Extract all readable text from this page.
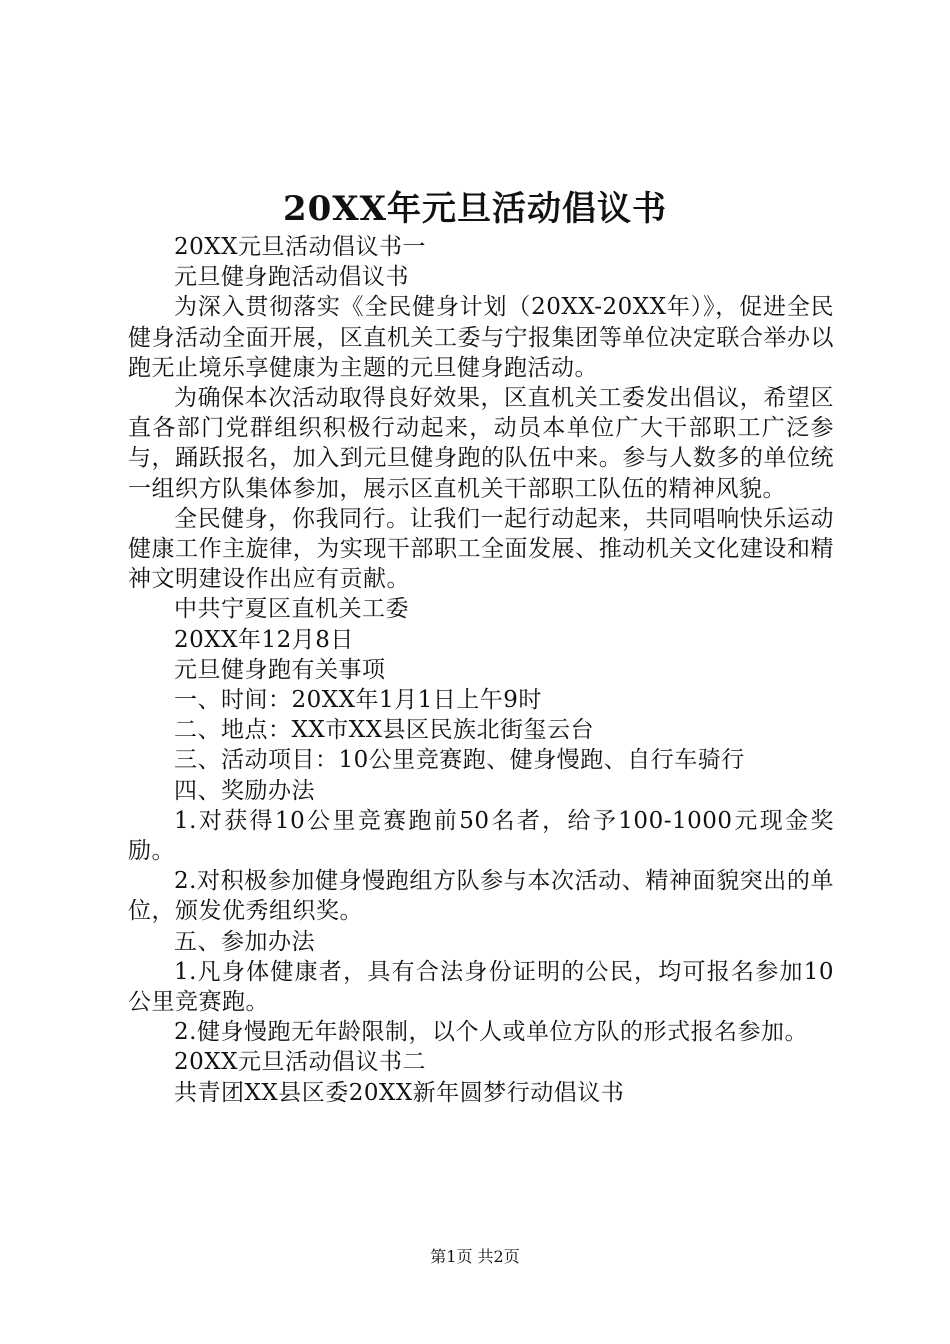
20XX年元旦活动倡议书

20XX元旦活动倡议书一

元旦健身跑活动倡议书

为深入贯彻落实《全民健身计划（20XX-20XX年）》，促进全民健身活动全面开展，区直机关工委与宁报集团等单位决定联合举办以跑无止境乐享健康为主题的元旦健身跑活动。

为确保本次活动取得良好效果，区直机关工委发出倡议，希望区直各部门党群组织积极行动起来，动员本单位广大干部职工广泛参与，踊跃报名，加入到元旦健身跑的队伍中来。参与人数多的单位统一组织方队集体参加，展示区直机关干部职工队伍的精神风貌。

全民健身，你我同行。让我们一起行动起来，共同唱响快乐运动健康工作主旋律，为实现干部职工全面发展、推动机关文化建设和精神文明建设作出应有贡献。

中共宁夏区直机关工委

20XX年12月8日

元旦健身跑有关事项

一、时间：20XX年1月1日上午9时

二、地点：XX市XX县区民族北街玺云台

三、活动项目：10公里竞赛跑、健身慢跑、自行车骑行

四、奖励办法

1.对获得10公里竞赛跑前50名者，给予100-1000元现金奖励。

2.对积极参加健身慢跑组方队参与本次活动、精神面貌突出的单位，颁发优秀组织奖。

五、参加办法

1.凡身体健康者，具有合法身份证明的公民，均可报名参加10公里竞赛跑。

2.健身慢跑无年龄限制，以个人或单位方队的形式报名参加。

20XX元旦活动倡议书二

共青团XX县区委20XX新年圆梦行动倡议书

第1页 共2页
